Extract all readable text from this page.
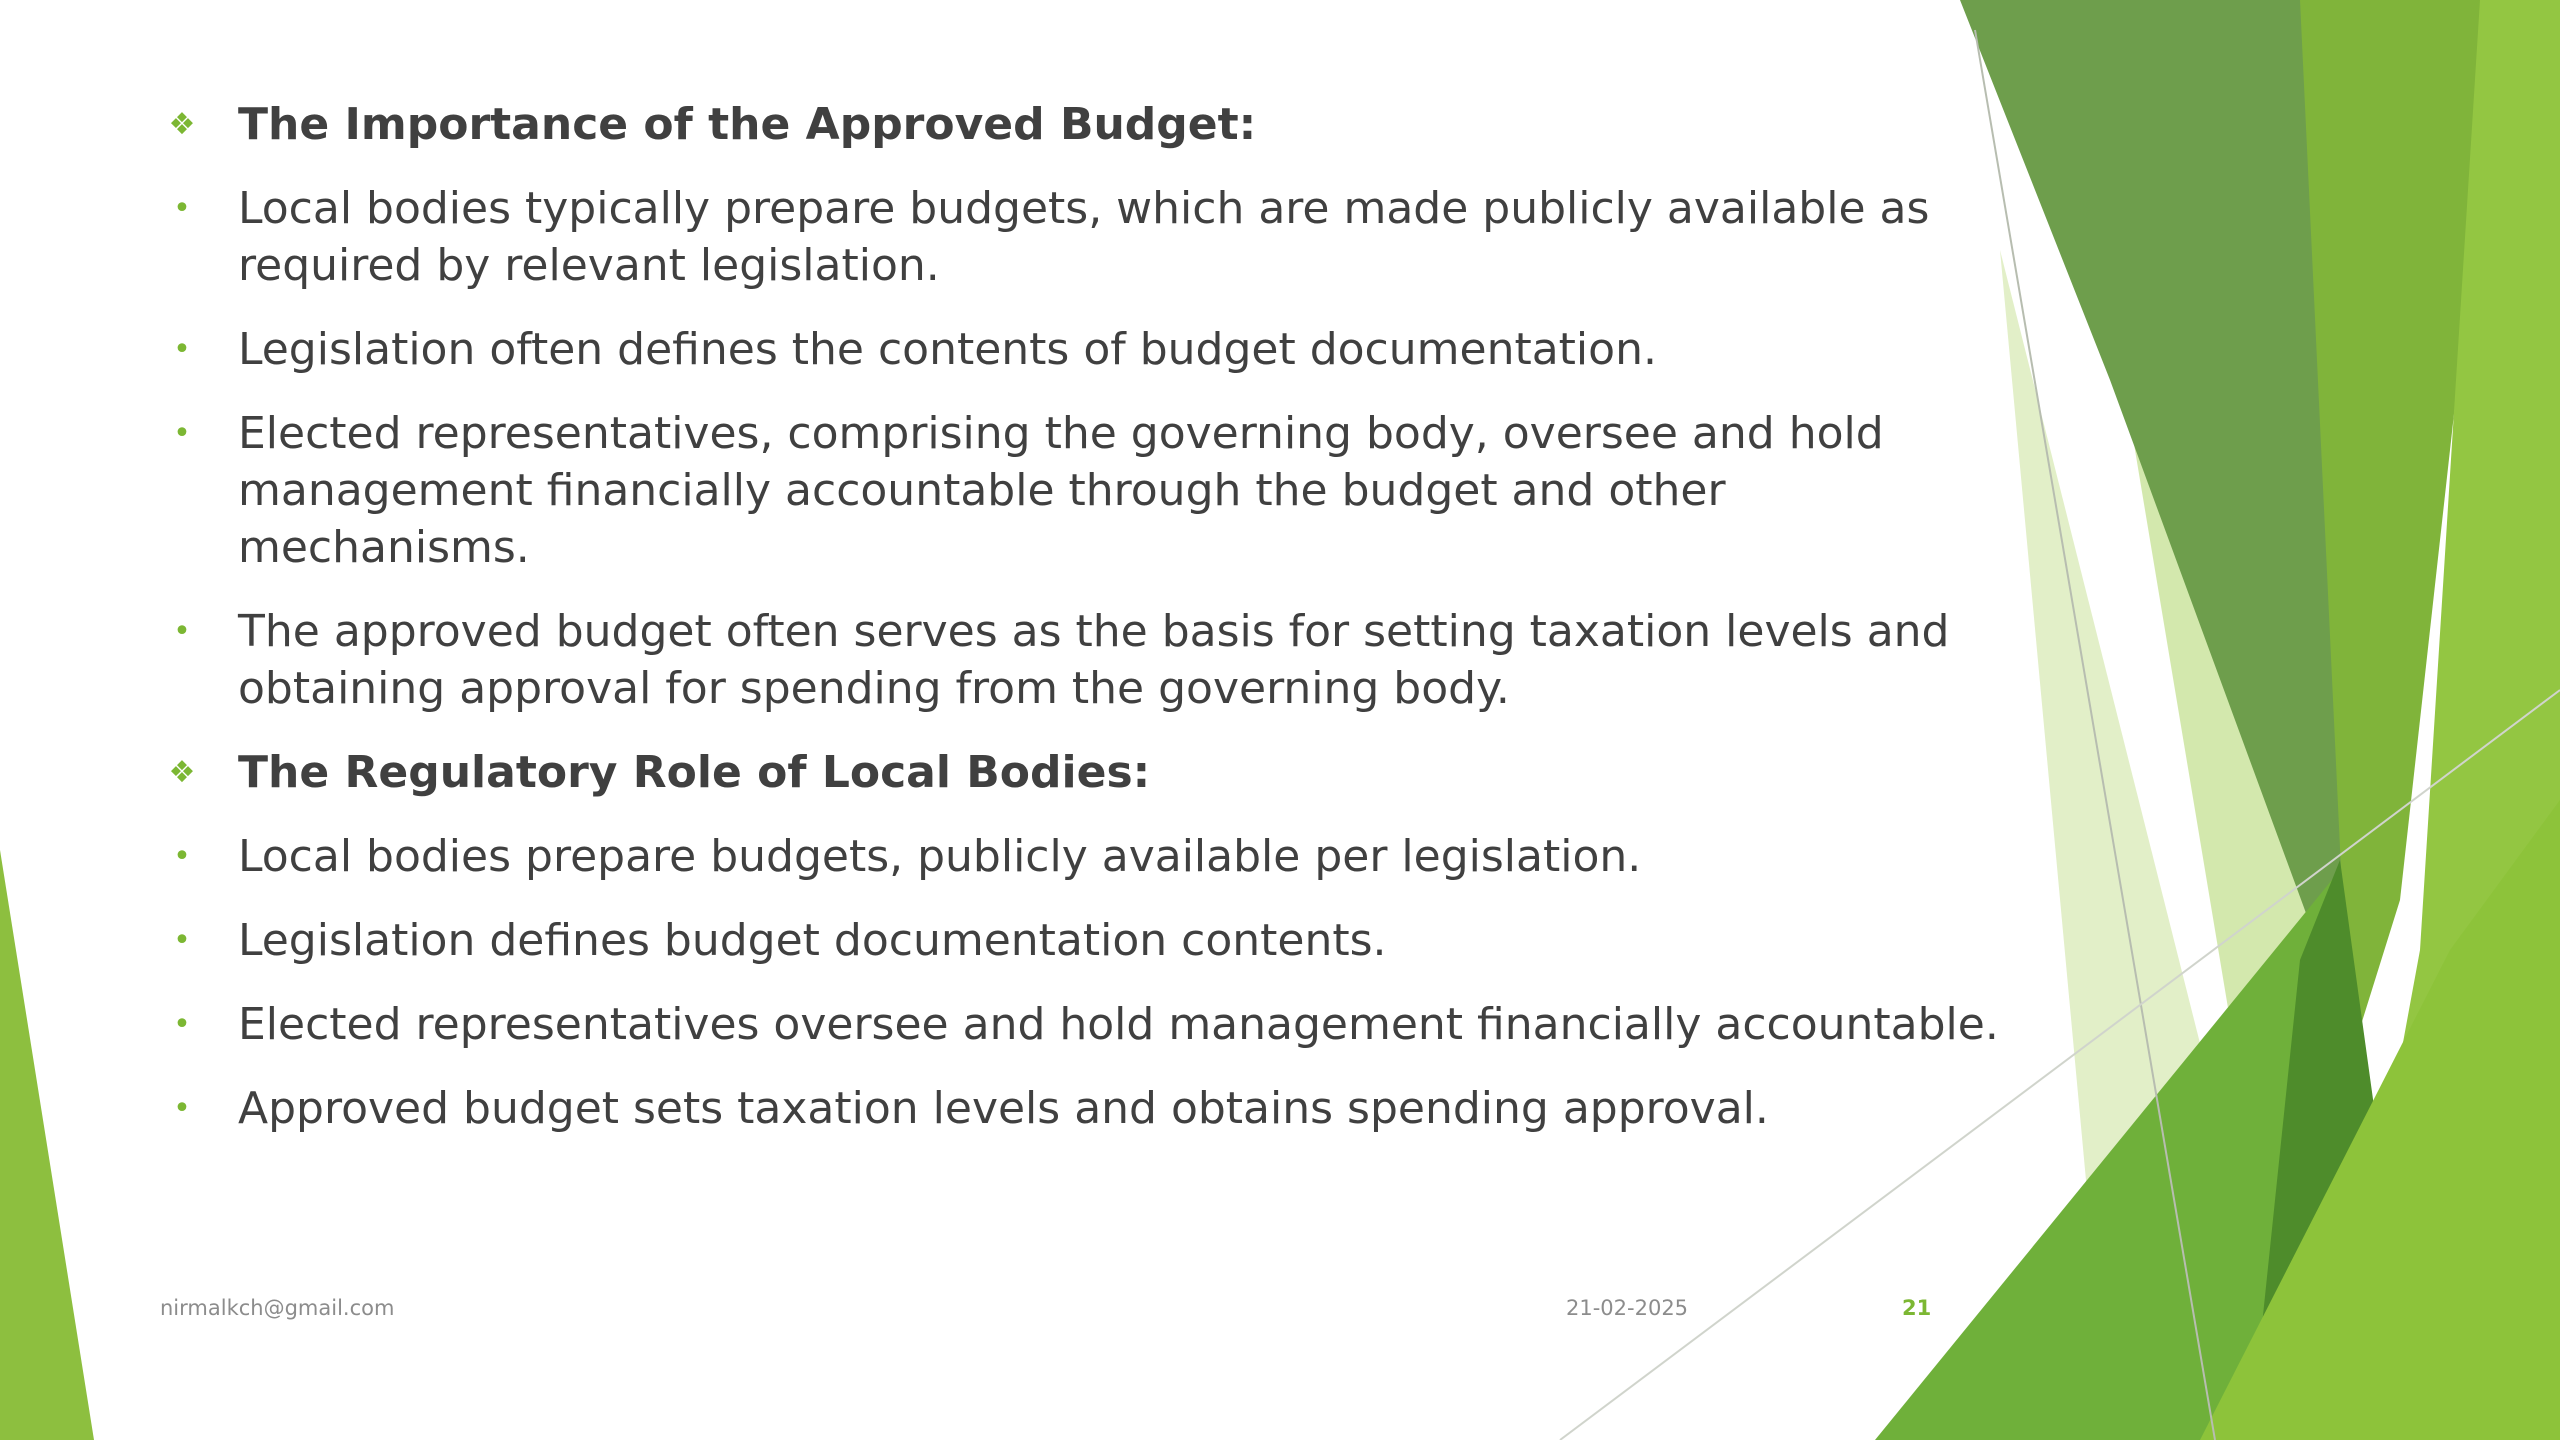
❖ The Importance of the Approved Budget:
• Local bodies typically prepare budgets, which are made publicly available as required by relevant legislation.
• Legislation often defines the contents of budget documentation.
• Elected representatives, comprising the governing body, oversee and hold management financially accountable through the budget and other mechanisms.
• The approved budget often serves as the basis for setting taxation levels and obtaining approval for spending from the governing body.
❖ The Regulatory Role of Local Bodies:
• Local bodies prepare budgets, publicly available per legislation.
• Legislation defines budget documentation contents.
• Elected representatives oversee and hold management financially accountable.
• Approved budget sets taxation levels and obtains spending approval.
nirmalkch@gmail.com	21-02-2025	21
